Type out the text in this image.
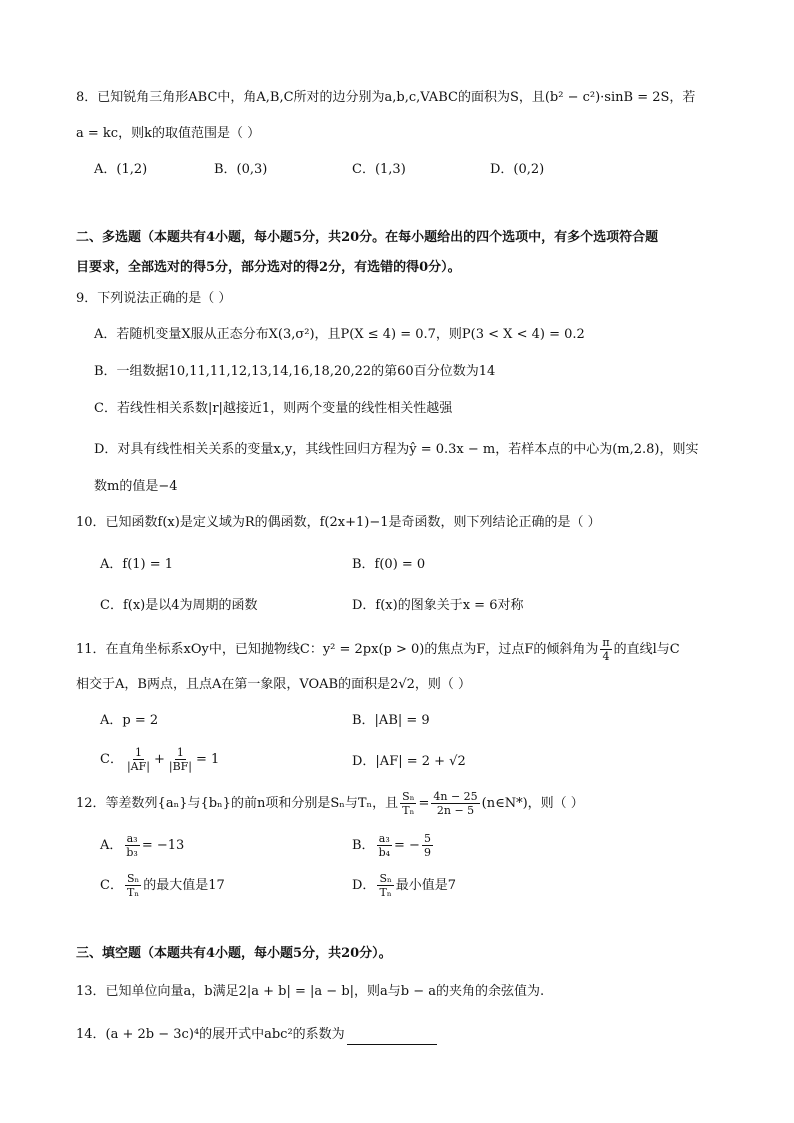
8．已知锐角三角形ABC中，角A,B,C所对的边分别为a,b,c,VABC的面积为S，且(b² − c²)·sinB = 2S，若
a = kc，则k的取值范围是（ ）
A．(1,2)	B．(0,3)	C．(1,3)	D．(0,2)
二、多选题（本题共有4小题，每小题5分，共20分。在每小题给出的四个选项中，有多个选项符合题
目要求，全部选对的得5分，部分选对的得2分，有选错的得0分）。
9．下列说法正确的是（ ）
A．若随机变量X服从正态分布X(3,σ²)，且P(X ≤ 4) = 0.7，则P(3 < X < 4) = 0.2
B．一组数据10,11,11,12,13,14,16,18,20,22的第60百分位数为14
C．若线性相关系数|r|越接近1，则两个变量的线性相关性越强
D．对具有线性相关关系的变量x,y，其线性回归方程为ŷ = 0.3x − m，若样本点的中心为(m,2.8)，则实
数m的值是−4
10．已知函数f(x)是定义域为R的偶函数，f(2x+1)−1是奇函数，则下列结论正确的是（ ）
A．f(1) = 1	B．f(0) = 0
C．f(x)是以4为周期的函数	D．f(x)的图象关于x = 6对称
11．在直角坐标系xOy中，已知抛物线C：y² = 2px(p > 0)的焦点为F，过点F的倾斜角为 $\frac{\pi}{4}$ 的直线l与C
相交于A，B两点，且点A在第一象限，VOAB的面积是2√2，则（ ）
A．p = 2	B．|AB| = 9
C． $\frac{1}{|AF|} + \frac{1}{|BF|} = 1$	D．|AF| = 2 + √2
12．等差数列{aₙ}与{bₙ}的前n项和分别是Sₙ与Tₙ，且 $\frac{\text{Sₙ}}{\text{Tₙ}} = \frac{4n - 25}{2n - 5}$ (n∈N*)，则（ ）
A． $\frac{\text{a₃}}{\text{b₃}} = -13$	B． $\frac{\text{a₃}}{\text{b₄}}$ = − $\frac{5}{9}$
C． $\frac{\text{Sₙ}}{\text{Tₙ}}$ 的最大值是17	D． $\frac{\text{Sₙ}}{\text{Tₙ}}$ 最小值是7
三、填空题（本题共有4小题，每小题5分，共20分）。
13．已知单位向量a，b满足2|a + b| = |a − b|，则a与b − a的夹角的余弦值为.
14．(a + 2b − 3c)⁴的展开式中abc²的系数为
